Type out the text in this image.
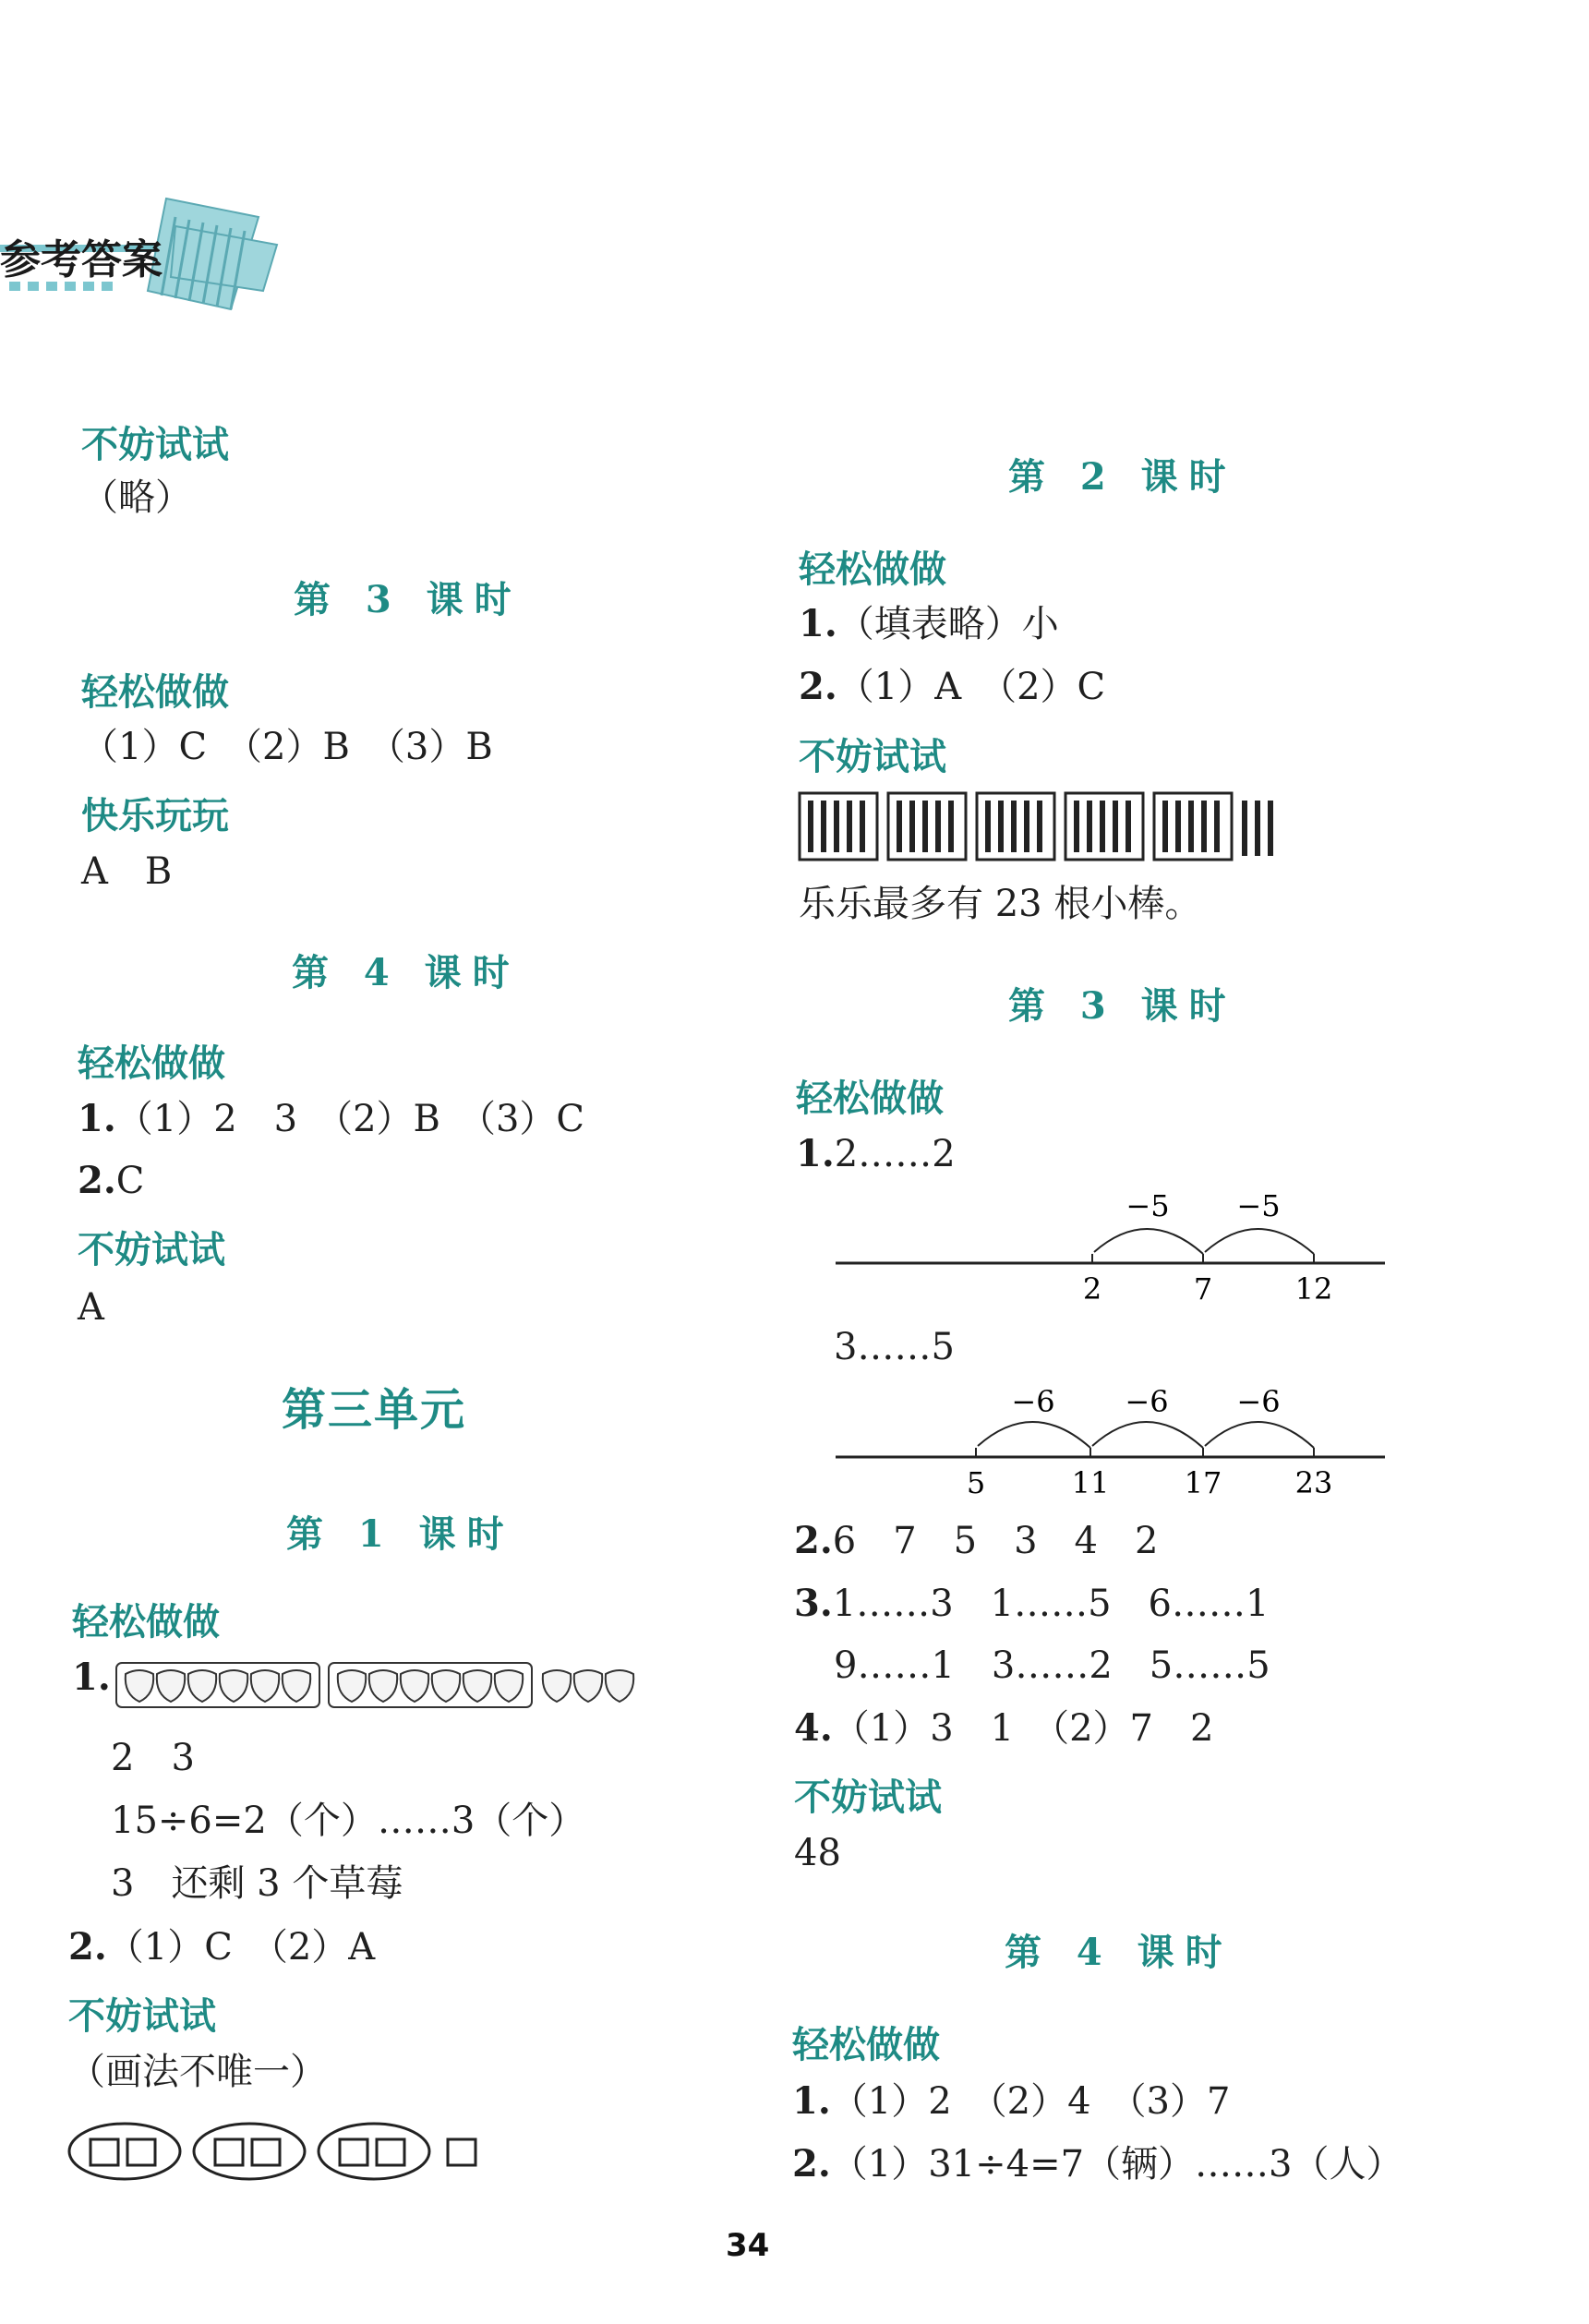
参考答案
不妨试试
（略）
第 3 课时
轻松做做
（1）C　（2）B　（3）B
快乐玩玩
A　B
第 4 课时
轻松做做
1.（1）2　3　（2）B　（3）C
2.C
不妨试试
A
第三单元
第 1 课时
轻松做做
1.
2　3
15÷6=2（个）……3（个）
3　还剩 3 个草莓
2.（1）C　（2）A
不妨试试
（画法不唯一）
第 2 课时
轻松做做
1.（填表略）小
2.（1）A　（2）C
不妨试试
乐乐最多有 23 根小棒。
第 3 课时
轻松做做
1.2……2
2	7	12
−5 −5
3……5
5	11	17 23
−6 −6 −6
2.6　7　5　3　4　2
3.1……3　1……5　6……1
9……1　3……2　5……5
4.（1）3　1　（2）7　2
不妨试试
48
第 4 课时
轻松做做
1.（1）2　（2）4　（3）7
2.（1）31÷4=7（辆）……3（人）
34
